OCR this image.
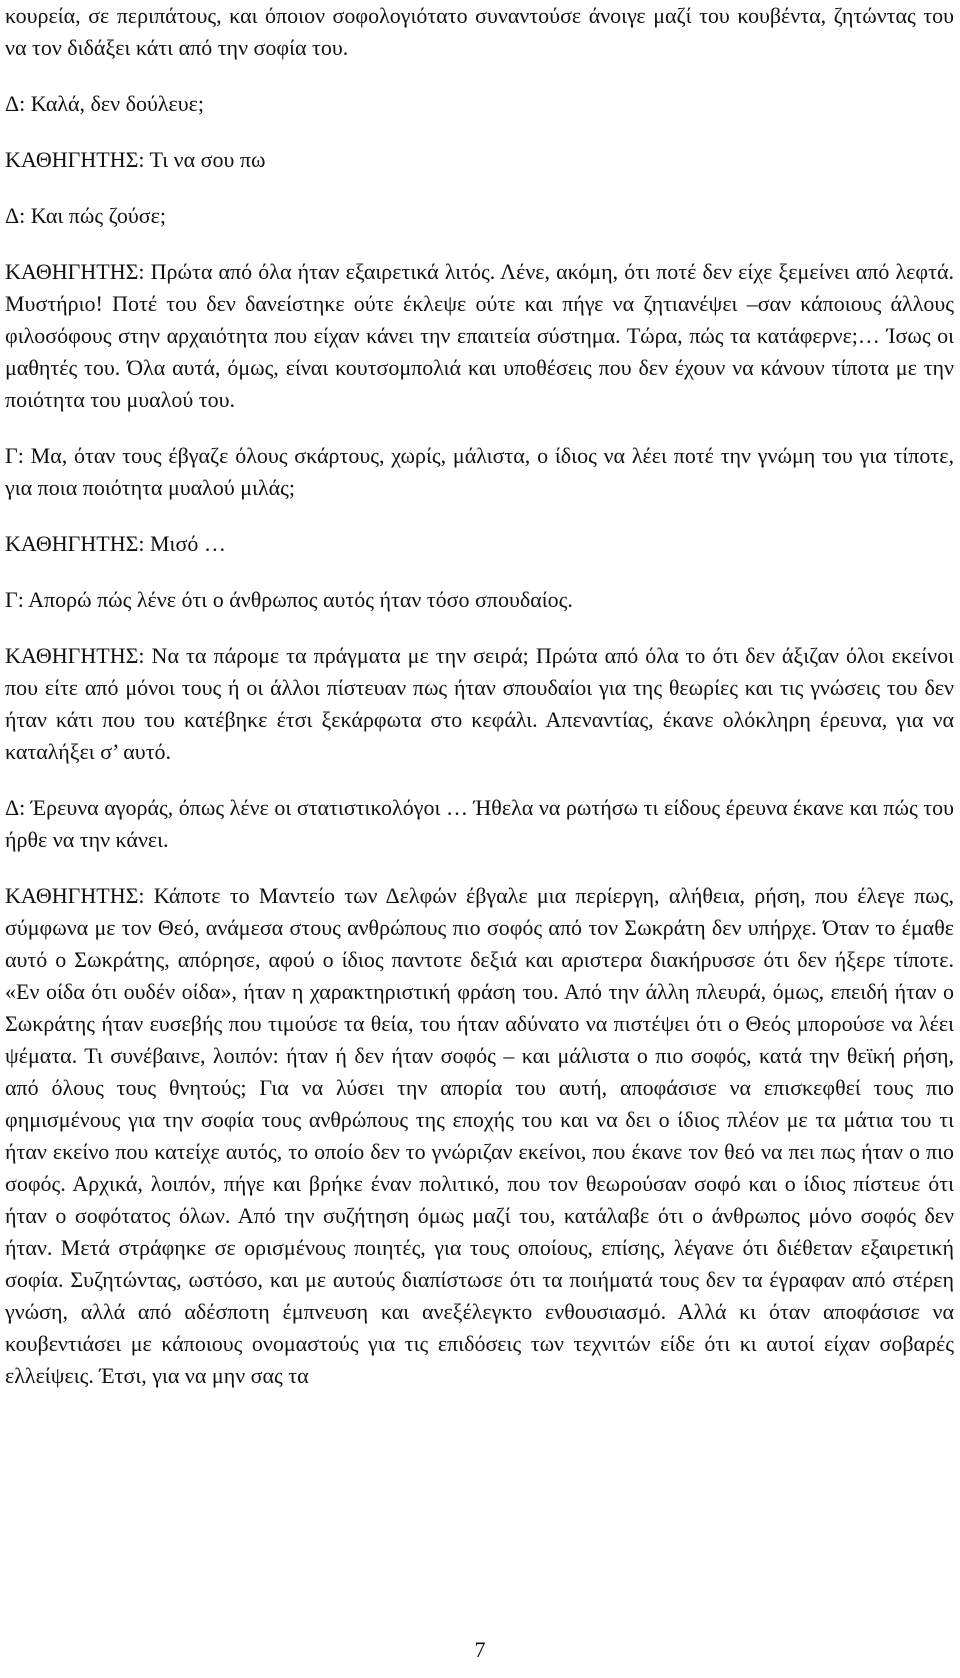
κουρεία, σε περιπάτους, και όποιον σοφολογιότατο συναντούσε άνοιγε μαζί του κουβέντα, ζητώντας του να τον διδάξει κάτι από την σοφία του.

Δ: Καλά, δεν δούλευε;

ΚΑΘΗΓΗΤΗΣ: Τι να σου πω

Δ: Και πώς ζούσε;

ΚΑΘΗΓΗΤΗΣ: Πρώτα από όλα ήταν εξαιρετικά λιτός. Λένε, ακόμη, ότι ποτέ δεν είχε ξεμείνει από λεφτά. Μυστήριο! Ποτέ του δεν δανείστηκε ούτε έκλεψε ούτε και πήγε να ζητιανέψει –σαν κάποιους άλλους φιλοσόφους στην αρχαιότητα που είχαν κάνει την επαιτεία σύστημα. Τώρα, πώς τα κατάφερνε;… Ίσως οι μαθητές του. Όλα αυτά, όμως, είναι κουτσομπολιά και υποθέσεις που δεν έχουν να κάνουν τίποτα με την ποιότητα του μυαλού του.

Γ: Μα, όταν τους έβγαζε όλους σκάρτους, χωρίς, μάλιστα, ο ίδιος να λέει ποτέ την γνώμη του για τίποτε, για ποια ποιότητα μυαλού μιλάς;

ΚΑΘΗΓΗΤΗΣ: Μισό …

Γ: Απορώ πώς λένε ότι ο άνθρωπος αυτός ήταν τόσο σπουδαίος.

ΚΑΘΗΓΗΤΗΣ: Να τα πάρομε τα πράγματα με την σειρά; Πρώτα από όλα το ότι δεν άξιζαν όλοι εκείνοι που είτε από μόνοι τους ή οι άλλοι πίστευαν πως ήταν σπουδαίοι για της θεωρίες και τις γνώσεις του δεν ήταν κάτι που του κατέβηκε έτσι ξεκάρφωτα στο κεφάλι. Απεναντίας, έκανε ολόκληρη έρευνα, για να καταλήξει σ’ αυτό.

Δ: Έρευνα αγοράς, όπως λένε οι στατιστικολόγοι … Ήθελα να ρωτήσω τι είδους έρευνα έκανε και πώς του ήρθε να την κάνει.

ΚΑΘΗΓΗΤΗΣ: Κάποτε το Μαντείο των Δελφών έβγαλε μια περίεργη, αλήθεια, ρήση, που έλεγε πως, σύμφωνα με τον Θεό, ανάμεσα στους ανθρώπους πιο σοφός από τον Σωκράτη δεν υπήρχε. Όταν το έμαθε αυτό ο Σωκράτης, απόρησε, αφού ο ίδιος παντοτε δεξιά και αριστερα διακήρυσσε ότι δεν ήξερε τίποτε. «Εν οίδα ότι ουδέν οίδα», ήταν η χαρακτηριστική φράση του. Από την άλλη πλευρά, όμως, επειδή ήταν ο Σωκράτης ήταν ευσεβής που τιμούσε τα θεία, του ήταν αδύνατο να πιστέψει ότι ο Θεός μπορούσε να λέει ψέματα. Τι συνέβαινε, λοιπόν: ήταν ή δεν ήταν σοφός – και μάλιστα ο πιο σοφός, κατά την θεϊκή ρήση, από όλους τους θνητούς; Για να λύσει την απορία του αυτή, αποφάσισε να επισκεφθεί τους πιο φημισμένους για την σοφία τους ανθρώπους της εποχής του και να δει ο ίδιος πλέον με τα μάτια του τι ήταν εκείνο που κατείχε αυτός, το οποίο δεν το γνώριζαν εκείνοι, που έκανε τον θεό να πει πως ήταν ο πιο σοφός. Αρχικά, λοιπόν, πήγε και βρήκε έναν πολιτικό, που τον θεωρούσαν σοφό και ο ίδιος πίστευε ότι ήταν ο σοφότατος όλων. Από την συζήτηση όμως μαζί του, κατάλαβε ότι ο άνθρωπος μόνο σοφός δεν ήταν. Μετά στράφηκε σε ορισμένους ποιητές, για τους οποίους, επίσης, λέγανε ότι διέθεταν εξαιρετική σοφία. Συζητώντας, ωστόσο, και με αυτούς διαπίστωσε ότι τα ποιήματά τους δεν τα έγραφαν από στέρεη γνώση, αλλά από αδέσποτη έμπνευση και ανεξέλεγκτο ενθουσιασμό. Αλλά κι όταν αποφάσισε να κουβεντιάσει με κάποιους ονομαστούς για τις επιδόσεις των τεχνιτών είδε ότι κι αυτοί είχαν σοβαρές ελλείψεις. Έτσι, για να μην σας τα

7
